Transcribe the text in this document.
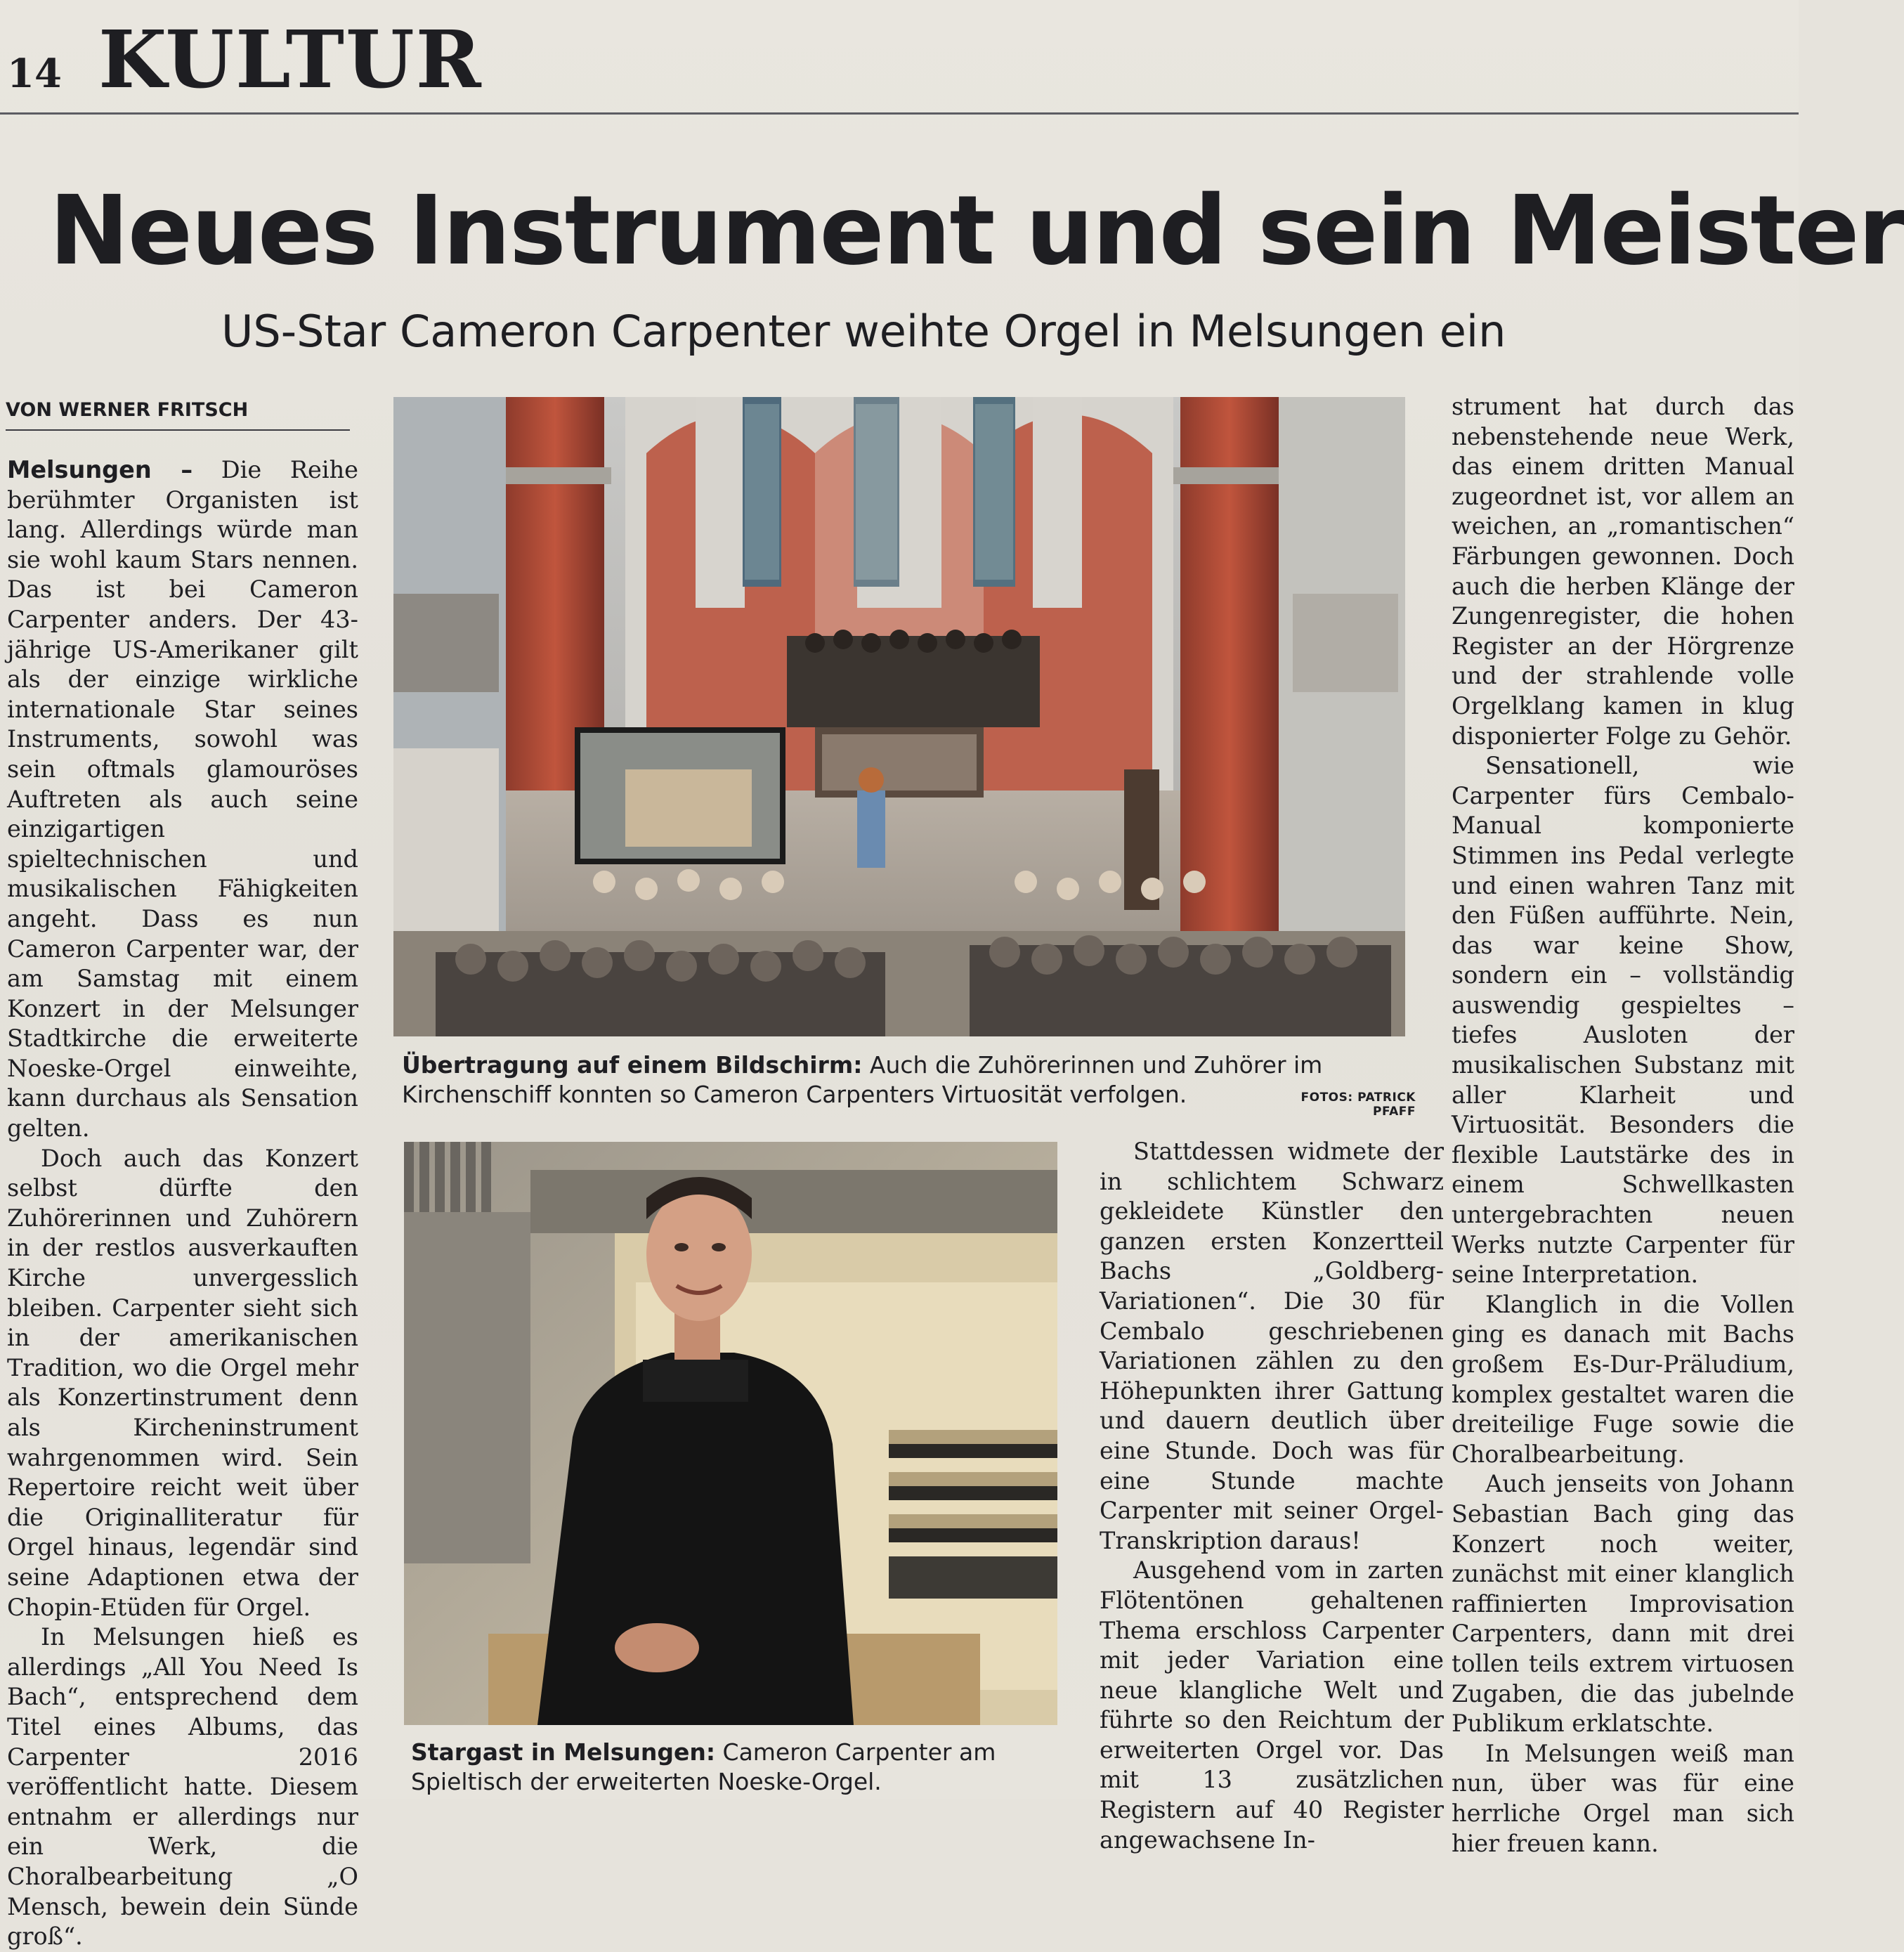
14 KULTUR
Neues Instrument und sein Meister
US-Star Cameron Carpenter weihte Orgel in Melsungen ein
VON WERNER FRITSCH

Melsungen – Die Reihe berühmter Organisten ist lang. Allerdings würde man sie wohl kaum Stars nennen. Das ist bei Cameron Carpenter anders. Der 43-jährige US-Amerikaner gilt als der einzige wirkliche internationale Star seines Instruments, sowohl was sein oftmals glamouröses Auftreten als auch seine einzigartigen spieltechnischen und musikalischen Fähigkeiten angeht. Dass es nun Cameron Carpenter war, der am Samstag mit einem Konzert in der Melsunger Stadtkirche die erweiterte Noeske-Orgel einweihte, kann durchaus als Sensation gelten.

Doch auch das Konzert selbst dürfte den Zuhörerinnen und Zuhörern in der restlos ausverkauften Kirche unvergesslich bleiben. Carpenter sieht sich in der amerikanischen Tradition, wo die Orgel mehr als Konzertinstrument denn als Kircheninstrument wahrgenommen wird. Sein Repertoire reicht weit über die Originalliteratur für Orgel hinaus, legendär sind seine Adaptionen etwa der Chopin-Etüden für Orgel.

In Melsungen hieß es allerdings „All You Need Is Bach“, entsprechend dem Titel eines Albums, das Carpenter 2016 veröffentlicht hatte. Diesem entnahm er allerdings nur ein Werk, die Choralbearbeitung „O Mensch, bewein dein Sünde groß“.

Übertragung auf einem Bildschirm: Auch die Zuhörerinnen und Zuhörer im Kirchenschiff konnten so Cameron Carpenters Virtuosität verfolgen.	FOTOS: PATRICK PFAFF
Stargast in Melsungen: Cameron Carpenter am Spieltisch der erweiterten Noeske-Orgel.

Stattdessen widmete der in schlichtem Schwarz gekleidete Künstler den ganzen ersten Konzertteil Bachs „Goldberg-Variationen“. Die 30 für Cembalo geschriebenen Variationen zählen zu den Höhepunkten ihrer Gattung und dauern deutlich über eine Stunde. Doch was für eine Stunde machte Carpenter mit seiner Orgel-Transkription daraus!

Ausgehend vom in zarten Flötentönen gehaltenen Thema erschloss Carpenter mit jeder Variation eine neue klangliche Welt und führte so den Reichtum der erweiterten Orgel vor. Das mit 13 zusätzlichen Registern auf 40 Register angewachsene In-

strument hat durch das nebenstehende neue Werk, das einem dritten Manual zugeordnet ist, vor allem an weichen, an „romantischen“ Färbungen gewonnen. Doch auch die herben Klänge der Zungenregister, die hohen Register an der Hörgrenze und der strahlende volle Orgelklang kamen in klug disponierter Folge zu Gehör.

Sensationell, wie Carpenter fürs Cembalo-Manual komponierte Stimmen ins Pedal verlegte und einen wahren Tanz mit den Füßen aufführte. Nein, das war keine Show, sondern ein – vollständig auswendig gespieltes – tiefes Ausloten der musikalischen Substanz mit aller Klarheit und Virtuosität. Besonders die flexible Lautstärke des in einem Schwellkasten untergebrachten neuen Werks nutzte Carpenter für seine Interpretation.

Klanglich in die Vollen ging es danach mit Bachs großem Es-Dur-Präludium, komplex gestaltet waren die dreiteilige Fuge sowie die Choralbearbeitung.

Auch jenseits von Johann Sebastian Bach ging das Konzert noch weiter, zunächst mit einer klanglich raffinierten Improvisation Carpenters, dann mit drei tollen teils extrem virtuosen Zugaben, die das jubelnde Publikum erklatschte.

In Melsungen weiß man nun, über was für eine herrliche Orgel man sich hier freuen kann.
